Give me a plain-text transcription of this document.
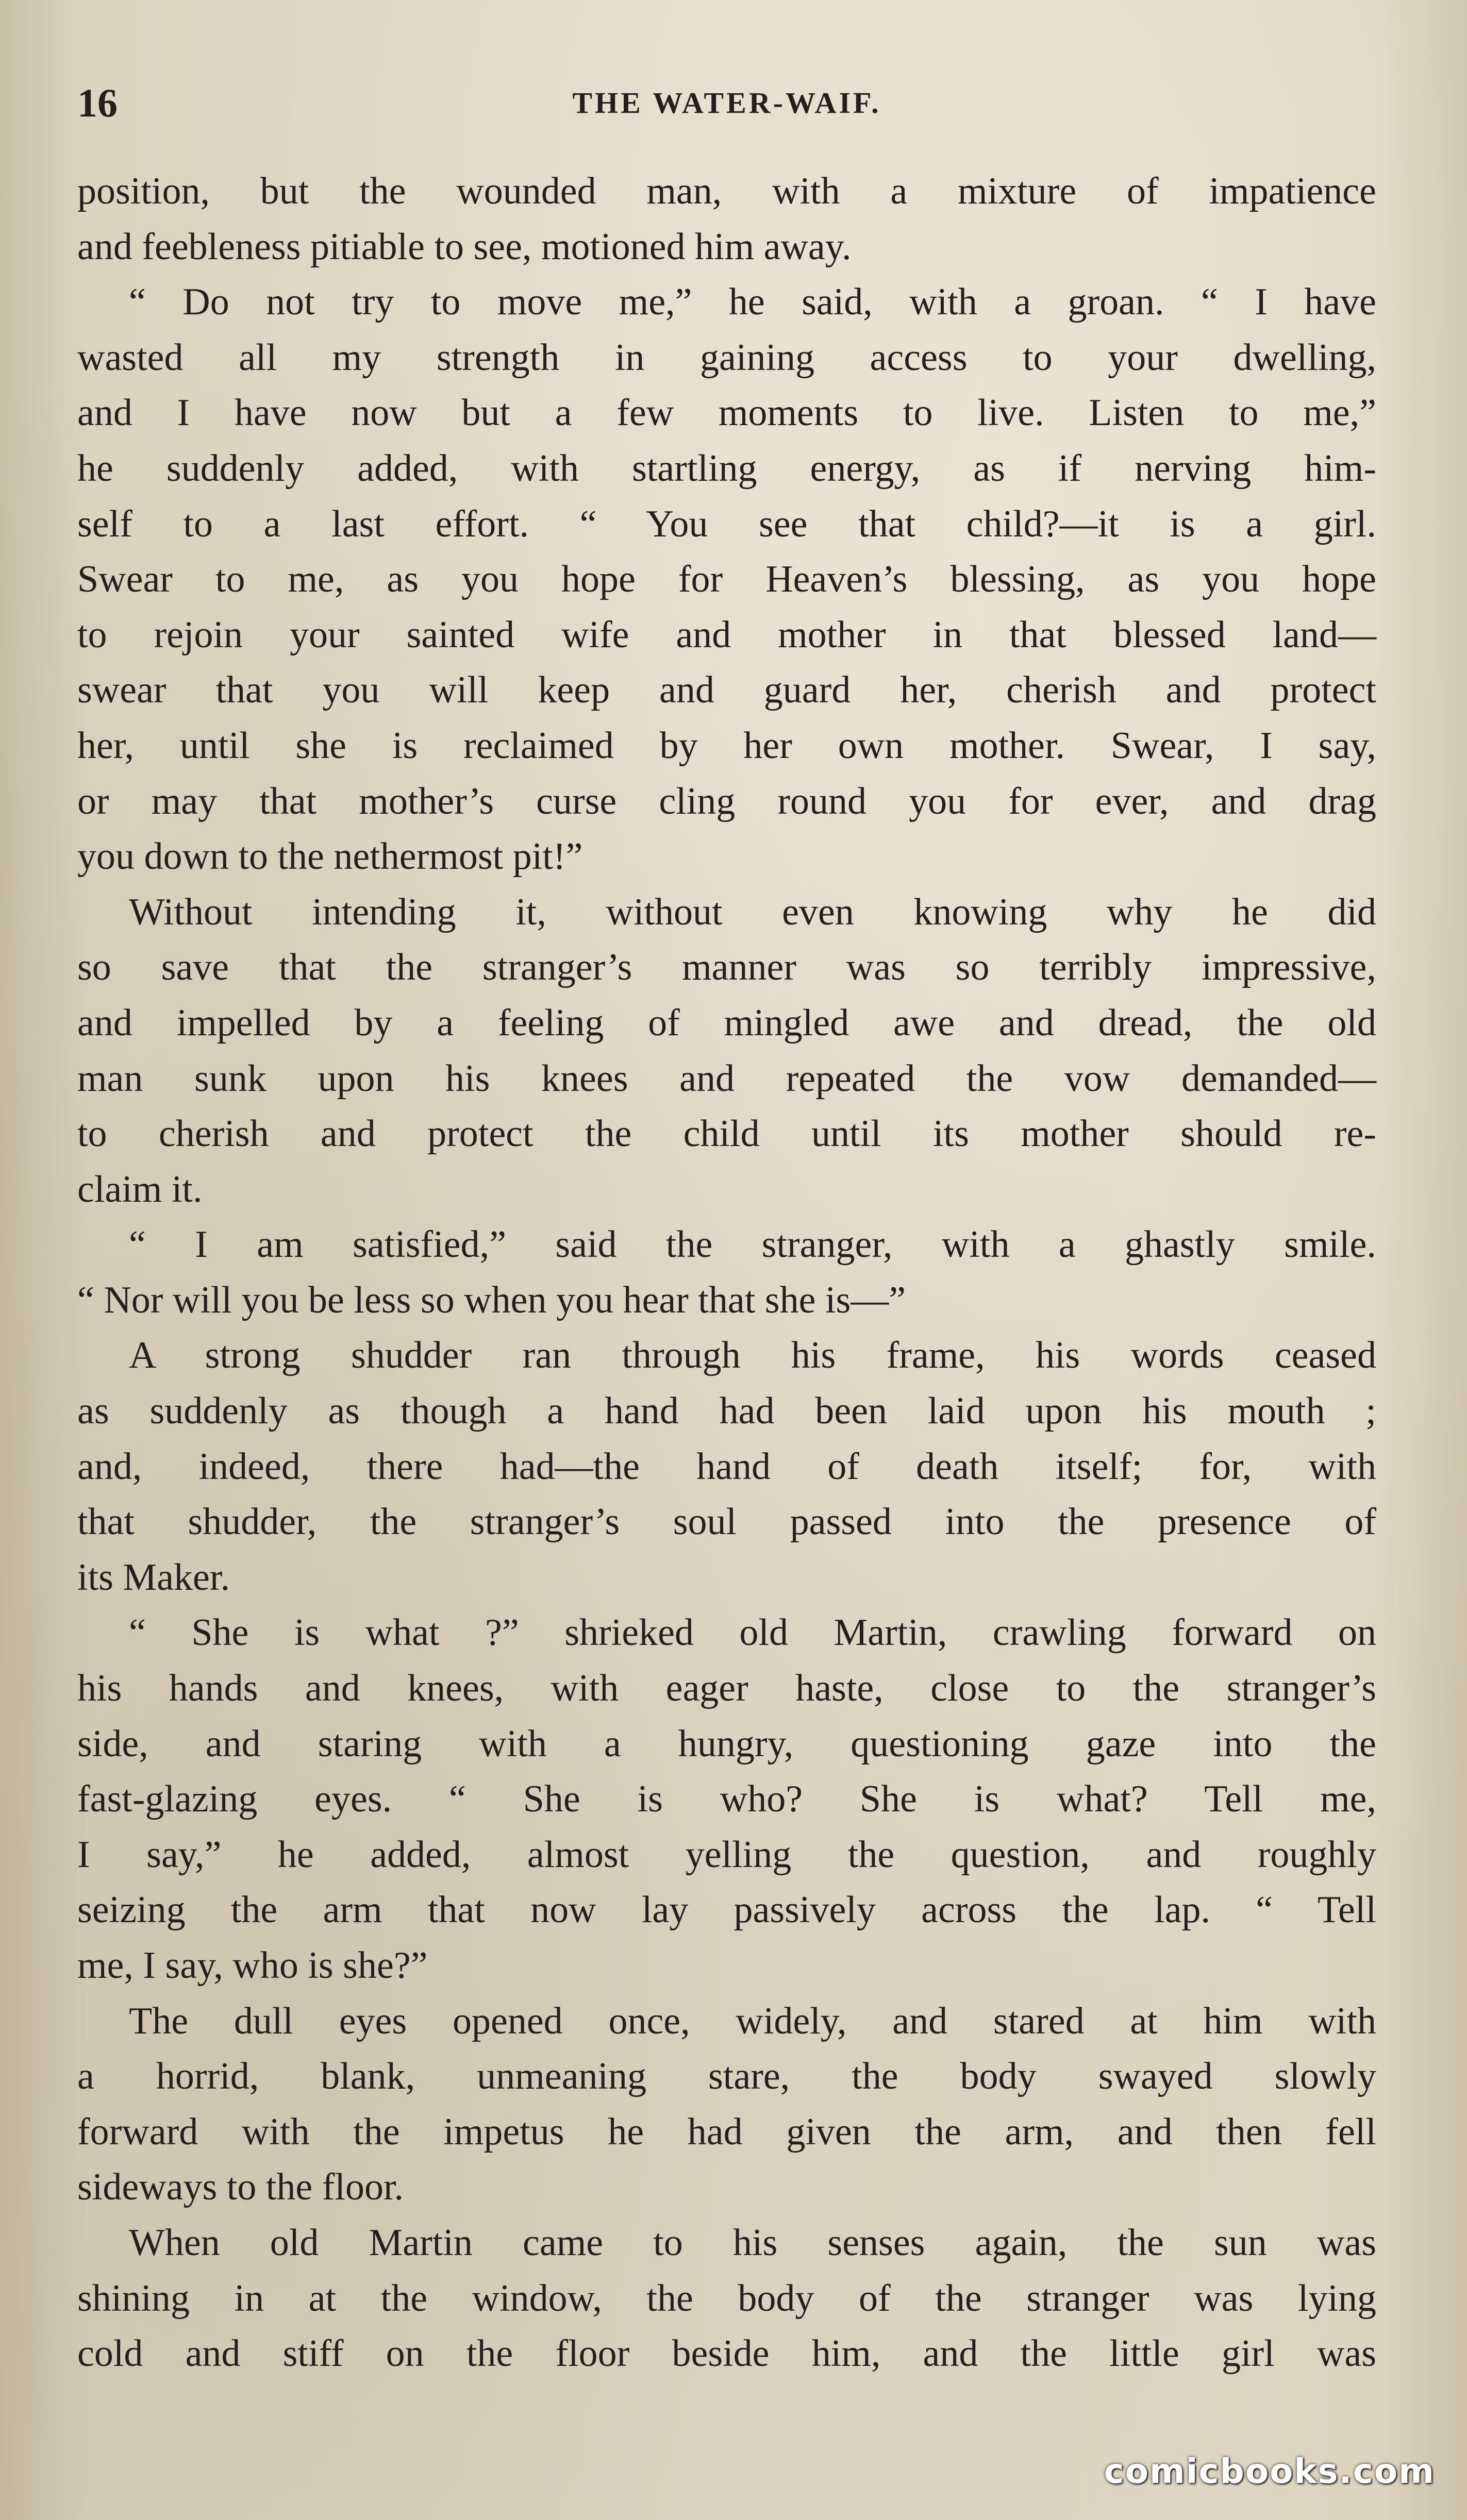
16	THE WATER-WAIF.

position, but the wounded man, with a mixture of impatience

and feebleness pitiable to see, motioned him away.

“ Do not try to move me,” he said, with a groan. “ I have

wasted all my strength in gaining access to your dwelling,

and I have now but a few moments to live. Listen to me,”

he suddenly added, with startling energy, as if nerving him-

self to a last effort. “ You see that child?—it is a girl.

Swear to me, as you hope for Heaven’s blessing, as you hope

to rejoin your sainted wife and mother in that blessed land—

swear that you will keep and guard her, cherish and protect

her, until she is reclaimed by her own mother. Swear, I say,

or may that mother’s curse cling round you for ever, and drag

you down to the nethermost pit!”

Without intending it, without even knowing why he did

so save that the stranger’s manner was so terribly impressive,

and impelled by a feeling of mingled awe and dread, the old

man sunk upon his knees and repeated the vow demanded—

to cherish and protect the child until its mother should re-

claim it.

“ I am satisfied,” said the stranger, with a ghastly smile.

“ Nor will you be less so when you hear that she is—”

A strong shudder ran through his frame, his words ceased

as suddenly as though a hand had been laid upon his mouth ;

and, indeed, there had—the hand of death itself; for, with

that shudder, the stranger’s soul passed into the presence of

its Maker.

“ She is what ?” shrieked old Martin, crawling forward on

his hands and knees, with eager haste, close to the stranger’s

side, and staring with a hungry, questioning gaze into the

fast-glazing eyes. “ She is who? She is what? Tell me,

I say,” he added, almost yelling the question, and roughly

seizing the arm that now lay passively across the lap. “ Tell

me, I say, who is she?”

The dull eyes opened once, widely, and stared at him with

a horrid, blank, unmeaning stare, the body swayed slowly

forward with the impetus he had given the arm, and then fell

sideways to the floor.

When old Martin came to his senses again, the sun was

shining in at the window, the body of the stranger was lying

cold and stiff on the floor beside him, and the little girl was

comicbooks.com
